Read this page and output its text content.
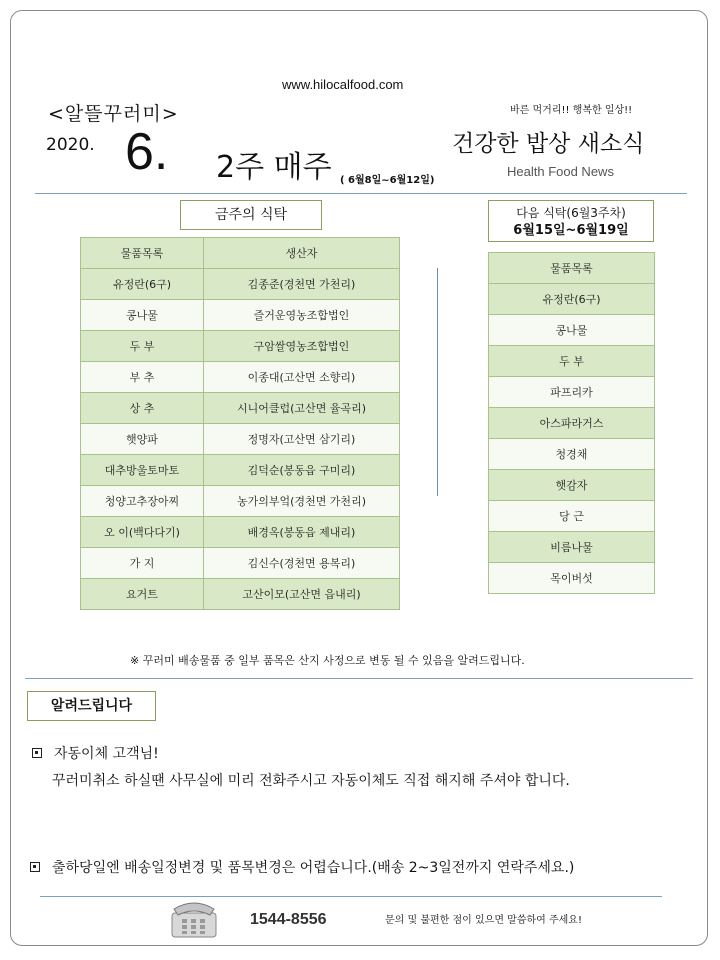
www.hilocalfood.com
<알뜰꾸러미>	바른 먹거리!! 행복한 일상!!
2020. 6.	건강한 밥상 새소식
2주 매주 ( 6월8일~6월12일)
Health Food News
금주의 식탁	다음 식탁(6월3주차)
6월15일~6월19일
물품목록	생산자
유정란(6구)	김종준(경천면 가천리)
콩나물	즐거운영농조합법인
두 부	구암쌀영농조합법인
부 추	이종대(고산면 소향리)
상 추	시니어클럽(고산면 율곡리)
햇양파	정명자(고산면 삼기리)
대추방울토마토	김덕순(봉동읍 구미리)
청양고추장아찌	농가의부엌(경천면 가천리)
오 이(백다다기)	배경옥(봉동읍 제내리)
가 지	김신수(경천면 용복리)
요거트	고산이모(고산면 읍내리)
물품목록
유정란(6구)
콩나물
두 부
파프리카
아스파라거스
청경채
햇감자
당 근
비름나물
목이버섯
※ 꾸러미 배송물품 중 일부 품목은 산지 사정으로 변동 될 수 있음을 알려드립니다.
알려드립니다
자동이체 고객님!
꾸러미취소 하실땐 사무실에 미리 전화주시고 자동이체도 직접 해지해 주셔야 합니다.
출하당일엔 배송일정변경 및 품목변경은 어렵습니다.(배송 2~3일전까지 연락주세요.)
1544-8556	문의 및 불편한 점이 있으면 말씀하여 주세요!
